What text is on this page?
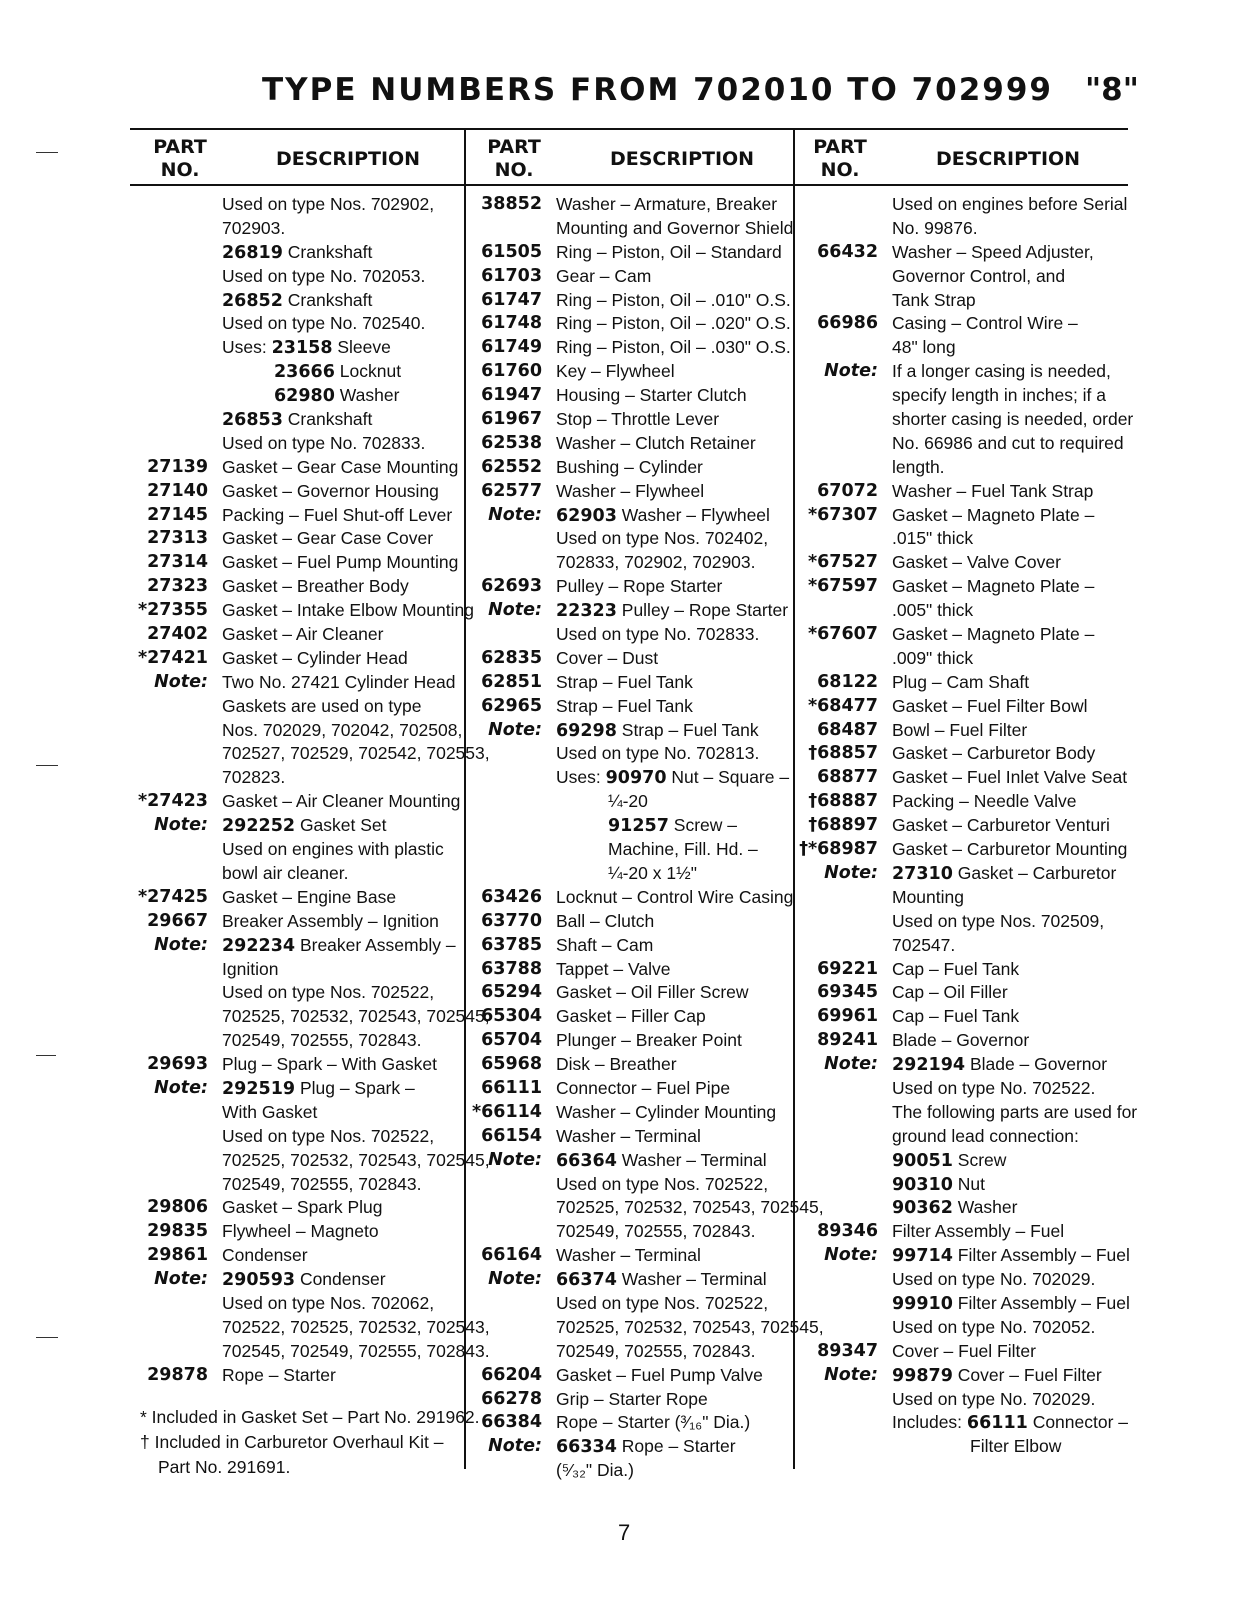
TYPE NUMBERS FROM 702010 TO 702999 "8"
PART
NO.	DESCRIPTION
PART
NO.	DESCRIPTION
PART
NO.	DESCRIPTION
Used on type Nos. 702902,
702903.
26819 Crankshaft
Used on type No. 702053.
26852 Crankshaft
Used on type No. 702540.
Uses: 23158 Sleeve
23666 Locknut
62980 Washer
26853 Crankshaft
Used on type No. 702833.
27139 Gasket – Gear Case Mounting
27140 Gasket – Governor Housing
27145 Packing – Fuel Shut-off Lever
27313 Gasket – Gear Case Cover
27314 Gasket – Fuel Pump Mounting
27323 Gasket – Breather Body
*27355 Gasket – Intake Elbow Mounting
27402 Gasket – Air Cleaner
*27421 Gasket – Cylinder Head
Note: Two No. 27421 Cylinder Head
Gaskets are used on type
Nos. 702029, 702042, 702508,
702527, 702529, 702542, 702553,
702823.
*27423 Gasket – Air Cleaner Mounting
Note: 292252 Gasket Set
Used on engines with plastic
bowl air cleaner.
*27425 Gasket – Engine Base
29667 Breaker Assembly – Ignition
Note: 292234 Breaker Assembly –
Ignition
Used on type Nos. 702522,
702525, 702532, 702543, 702545,
702549, 702555, 702843.
29693 Plug – Spark – With Gasket
Note: 292519 Plug – Spark –
With Gasket
Used on type Nos. 702522,
702525, 702532, 702543, 702545,
702549, 702555, 702843.
29806 Gasket – Spark Plug
29835 Flywheel – Magneto
29861 Condenser
Note: 290593 Condenser
Used on type Nos. 702062,
702522, 702525, 702532, 702543,
702545, 702549, 702555, 702843.
29878 Rope – Starter
38852 Washer – Armature, Breaker
Mounting and Governor Shield
61505 Ring – Piston, Oil – Standard
61703 Gear – Cam
61747 Ring – Piston, Oil – .010" O.S.
61748 Ring – Piston, Oil – .020" O.S.
61749 Ring – Piston, Oil – .030" O.S.
61760 Key – Flywheel
61947 Housing – Starter Clutch
61967 Stop – Throttle Lever
62538 Washer – Clutch Retainer
62552 Bushing – Cylinder
62577 Washer – Flywheel
Note: 62903 Washer – Flywheel
Used on type Nos. 702402,
702833, 702902, 702903.
62693 Pulley – Rope Starter
Note: 22323 Pulley – Rope Starter
Used on type No. 702833.
62835 Cover – Dust
62851 Strap – Fuel Tank
62965 Strap – Fuel Tank
Note: 69298 Strap – Fuel Tank
Used on type No. 702813.
Uses: 90970 Nut – Square –
¼-20
91257 Screw –
Machine, Fill. Hd. –
¼-20 x 1½"
63426 Locknut – Control Wire Casing
63770 Ball – Clutch
63785 Shaft – Cam
63788 Tappet – Valve
65294 Gasket – Oil Filler Screw
65304 Gasket – Filler Cap
65704 Plunger – Breaker Point
65968 Disk – Breather
66111 Connector – Fuel Pipe
*66114 Washer – Cylinder Mounting
66154 Washer – Terminal
Note: 66364 Washer – Terminal
Used on type Nos. 702522,
702525, 702532, 702543, 702545,
702549, 702555, 702843.
66164 Washer – Terminal
Note: 66374 Washer – Terminal
Used on type Nos. 702522,
702525, 702532, 702543, 702545,
702549, 702555, 702843.
66204 Gasket – Fuel Pump Valve
66278 Grip – Starter Rope
66384 Rope – Starter (³⁄₁₆" Dia.)
Note: 66334 Rope – Starter
(⁵⁄₃₂" Dia.)
Used on engines before Serial
No. 99876.
66432 Washer – Speed Adjuster,
Governor Control, and
Tank Strap
66986 Casing – Control Wire –
48" long
Note: If a longer casing is needed,
specify length in inches; if a
shorter casing is needed, order
No. 66986 and cut to required
length.
67072 Washer – Fuel Tank Strap
*67307 Gasket – Magneto Plate –
.015" thick
*67527 Gasket – Valve Cover
*67597 Gasket – Magneto Plate –
.005" thick
*67607 Gasket – Magneto Plate –
.009" thick
68122 Plug – Cam Shaft
*68477 Gasket – Fuel Filter Bowl
68487 Bowl – Fuel Filter
†68857 Gasket – Carburetor Body
68877 Gasket – Fuel Inlet Valve Seat
†68887 Packing – Needle Valve
†68897 Gasket – Carburetor Venturi
†*68987 Gasket – Carburetor Mounting
Note: 27310 Gasket – Carburetor
Mounting
Used on type Nos. 702509,
702547.
69221 Cap – Fuel Tank
69345 Cap – Oil Filler
69961 Cap – Fuel Tank
89241 Blade – Governor
Note: 292194 Blade – Governor
Used on type No. 702522.
The following parts are used for
ground lead connection:
90051 Screw
90310 Nut
90362 Washer
89346 Filter Assembly – Fuel
Note: 99714 Filter Assembly – Fuel
Used on type No. 702029.
99910 Filter Assembly – Fuel
Used on type No. 702052.
89347 Cover – Fuel Filter
Note: 99879 Cover – Fuel Filter
Used on type No. 702029.
Includes: 66111 Connector –
Filter Elbow
* Included in Gasket Set – Part No. 291962.
† Included in Carburetor Overhaul Kit –
Part No. 291691.
7
